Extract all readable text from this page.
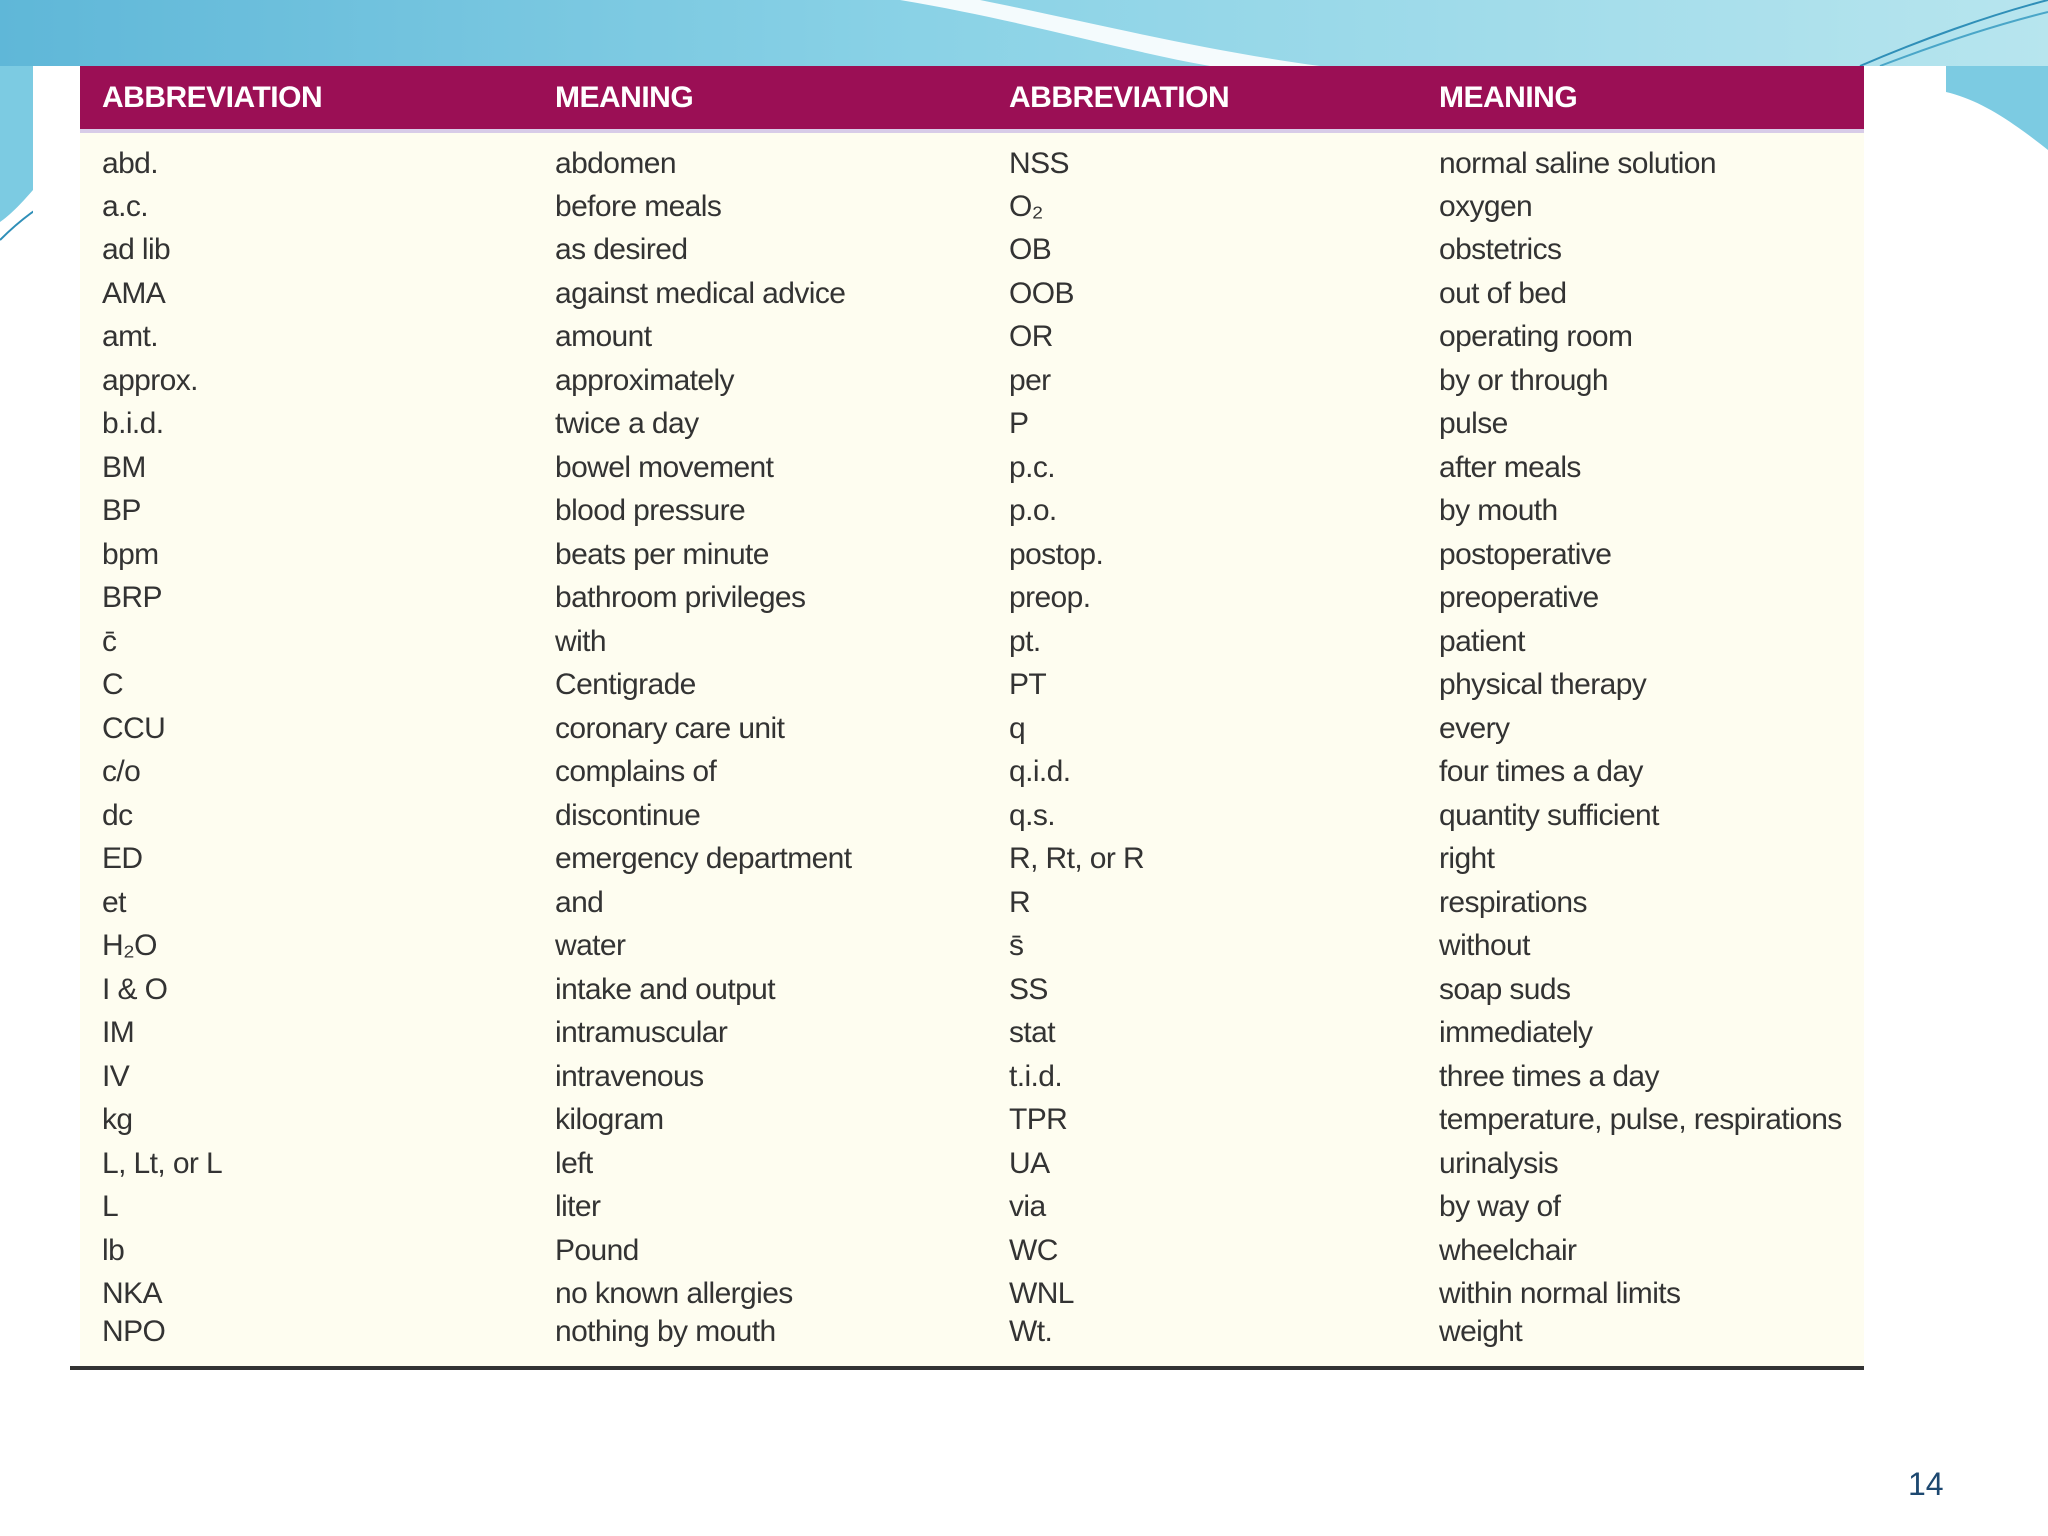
ABBREVIATION	MEANING	ABBREVIATION	MEANING
abd.	abdomen	NSS	normal saline solution
a.c.	before meals	O₂	oxygen
ad lib	as desired	OB	obstetrics
AMA	against medical advice	OOB	out of bed
amt.	amount	OR	operating room
approx.	approximately	per	by or through
b.i.d.	twice a day	P	pulse
BM	bowel movement	p.c.	after meals
BP	blood pressure	p.o.	by mouth
bpm	beats per minute	postop.	postoperative
BRP	bathroom privileges	preop.	preoperative
c̄	with	pt.	patient
C	Centigrade	PT	physical therapy
CCU	coronary care unit	q	every
c/o	complains of	q.i.d.	four times a day
dc	discontinue	q.s.	quantity sufficient
ED	emergency department	R, Rt, or R	right
et	and	R	respirations
H₂O	water	s̄	without
I & O	intake and output	SS	soap suds
IM	intramuscular	stat	immediately
IV	intravenous	t.i.d.	three times a day
kg	kilogram	TPR	temperature, pulse, respirations
L, Lt, or L	left	UA	urinalysis
L	liter	via	by way of
lb	Pound	WC	wheelchair
NKA	no known allergies	WNL	within normal limits
NPO	nothing by mouth	Wt.	weight
14
